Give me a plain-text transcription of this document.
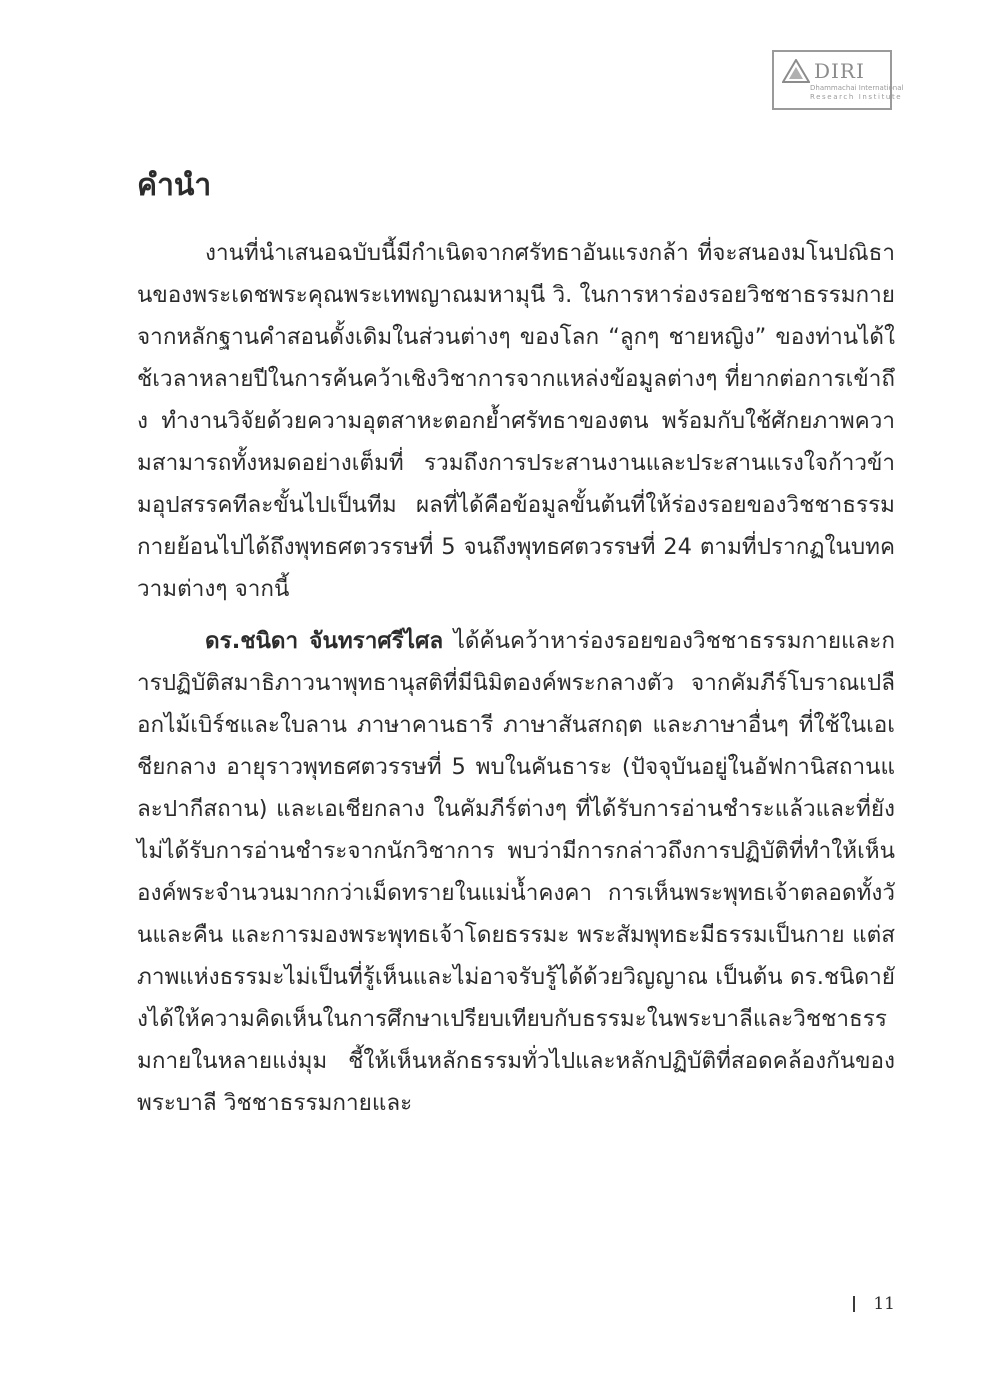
DIRI
Dhammachai International
Research Institute
คำนำ

งานที่นำเสนอฉบับนี้มีกำเนิดจากศรัทธาอันแรงกล้า ที่จะสนองมโนปณิธานของพระเดชพระคุณพระเทพญาณมหามุนี วิ. ในการหาร่องรอยวิชชาธรรมกายจากหลักฐานคำสอนดั้งเดิมในส่วนต่างๆ ของโลก “ลูกๆ ชายหญิง” ของท่านได้ใช้เวลาหลายปีในการค้นคว้าเชิงวิชาการจากแหล่งข้อมูลต่างๆ ที่ยากต่อการเข้าถึง ทำงานวิจัยด้วยความอุตสาหะตอกย้ำศรัทธาของตน พร้อมกับใช้ศักยภาพความสามารถทั้งหมดอย่างเต็มที่ รวมถึงการประสานงานและประสานแรงใจก้าวข้ามอุปสรรคทีละขั้นไปเป็นทีม ผลที่ได้คือข้อมูลขั้นต้นที่ให้ร่องรอยของวิชชาธรรมกายย้อนไปได้ถึงพุทธศตวรรษที่ 5 จนถึงพุทธศตวรรษที่ 24 ตามที่ปรากฏในบทความต่างๆ จากนี้

ดร.ชนิดา จันทราศรีไศล ได้ค้นคว้าหาร่องรอยของวิชชาธรรมกายและการปฏิบัติสมาธิภาวนาพุทธานุสติที่มีนิมิตองค์พระกลางตัว จากคัมภีร์โบราณเปลือกไม้เบิร์ชและใบลาน ภาษาคานธารี ภาษาสันสกฤต และภาษาอื่นๆ ที่ใช้ในเอเชียกลาง อายุราวพุทธศตวรรษที่ 5 พบในคันธาระ (ปัจจุบันอยู่ในอัฟกานิสถานและปากีสถาน) และเอเชียกลาง ในคัมภีร์ต่างๆ ที่ได้รับการอ่านชำระแล้วและที่ยังไม่ได้รับการอ่านชำระจากนักวิชาการ พบว่ามีการกล่าวถึงการปฏิบัติที่ทำให้เห็นองค์พระจำนวนมากกว่าเม็ดทรายในแม่น้ำคงคา การเห็นพระพุทธเจ้าตลอดทั้งวันและคืน และการมองพระพุทธเจ้าโดยธรรมะ พระสัมพุทธะมีธรรมเป็นกาย แต่สภาพแห่งธรรมะไม่เป็นที่รู้เห็นและไม่อาจรับรู้ได้ด้วยวิญญาณ เป็นต้น ดร.ชนิดายังได้ให้ความคิดเห็นในการศึกษาเปรียบเทียบกับธรรมะในพระบาลีและวิชชาธรรมกายในหลายแง่มุม ชี้ให้เห็นหลักธรรมทั่วไปและหลักปฏิบัติที่สอดคล้องกันของพระบาลี วิชชาธรรมกายและ

11
